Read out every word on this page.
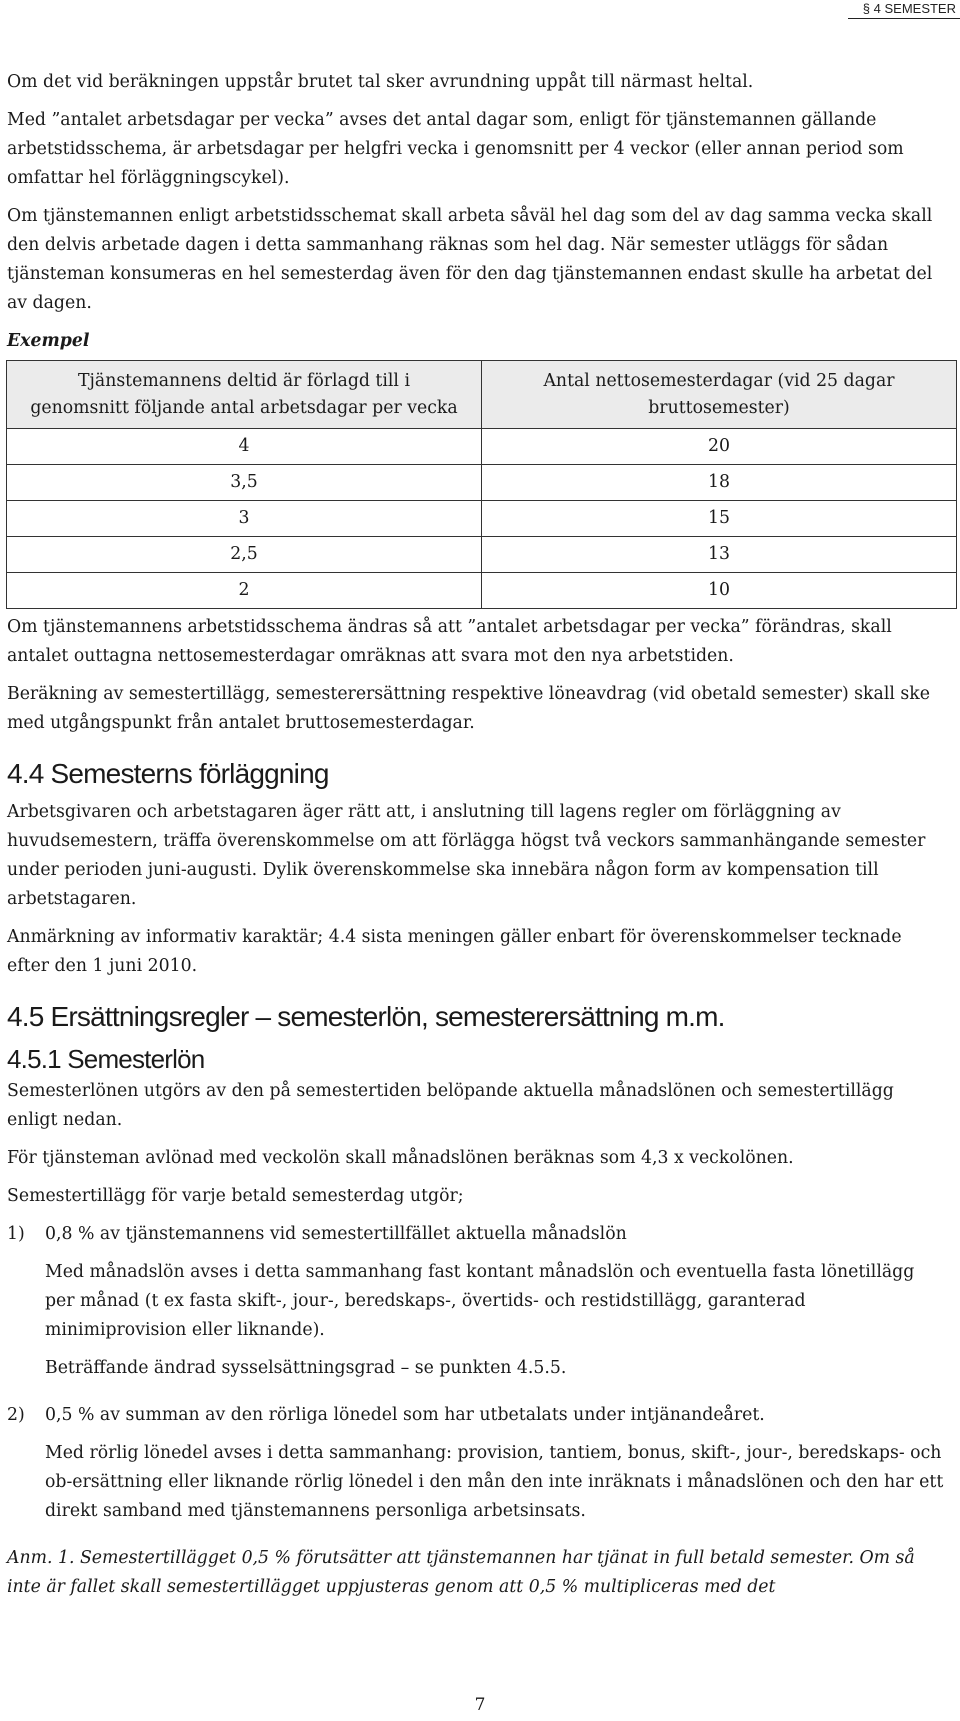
§ 4 SEMESTER

Om det vid beräkningen uppstår brutet tal sker avrundning uppåt till närmast heltal.

Med ”antalet arbetsdagar per vecka” avses det antal dagar som, enligt för tjänstemannen gällande arbetstidsschema, är arbetsdagar per helgfri vecka i genomsnitt per 4 veckor (eller annan period som omfattar hel förläggningscykel).

Om tjänstemannen enligt arbetstidsschemat skall arbeta såväl hel dag som del av dag samma vecka skall den delvis arbetade dagen i detta sammanhang räknas som hel dag. När semester utläggs för sådan tjänsteman konsumeras en hel semesterdag även för den dag tjänstemannen endast skulle ha arbetat del av dagen.

Exempel
Tjänstemannens deltid är förlagd till i genomsnitt följande antal arbetsdagar per vecka	Antal nettosemesterdagar (vid 25 dagar bruttosemester)
4	20
3,5	18
3	15
2,5	13
2	10

Om tjänstemannens arbetstidsschema ändras så att ”antalet arbetsdagar per vecka” förändras, skall antalet outtagna nettosemesterdagar omräknas att svara mot den nya arbetstiden.

Beräkning av semestertillägg, semesterersättning respektive löneavdrag (vid obetald semester) skall ske med utgångspunkt från antalet bruttosemesterdagar.

4.4 Semesterns förläggning

Arbetsgivaren och arbetstagaren äger rätt att, i anslutning till lagens regler om förläggning av huvudsemestern, träffa överenskommelse om att förlägga högst två veckors sammanhängande semester under perioden juni-augusti. Dylik överenskommelse ska innebära någon form av kompensation till arbetstagaren.

Anmärkning av informativ karaktär; 4.4 sista meningen gäller enbart för överenskommelser tecknade efter den 1 juni 2010.

4.5 Ersättningsregler – semesterlön, semesterersättning m.m.
4.5.1 Semesterlön

Semesterlönen utgörs av den på semestertiden belöpande aktuella månadslönen och semestertillägg enligt nedan.

För tjänsteman avlönad med veckolön skall månadslönen beräknas som 4,3 x veckolönen.

Semestertillägg för varje betald semesterdag utgör;

1)	0,8 % av tjänstemannens vid semestertillfället aktuella månadslön

Med månadslön avses i detta sammanhang fast kontant månadslön och eventuella fasta lönetillägg per månad (t ex fasta skift-, jour-, beredskaps-, övertids- och restidstillägg, garanterad minimiprovision eller liknande).

Beträffande ändrad sysselsättningsgrad – se punkten 4.5.5.

2)	0,5 % av summan av den rörliga lönedel som har utbetalats under intjänandeåret.

Med rörlig lönedel avses i detta sammanhang: provision, tantiem, bonus, skift-, jour-, beredskaps- och ob-ersättning eller liknande rörlig lönedel i den mån den inte inräknats i månadslönen och den har ett direkt samband med tjänstemannens personliga arbetsinsats.

Anm. 1. Semestertillägget 0,5 % förutsätter att tjänstemannen har tjänat in full betald semester. Om så inte är fallet skall semestertillägget uppjusteras genom att 0,5 % multipliceras med det

7
